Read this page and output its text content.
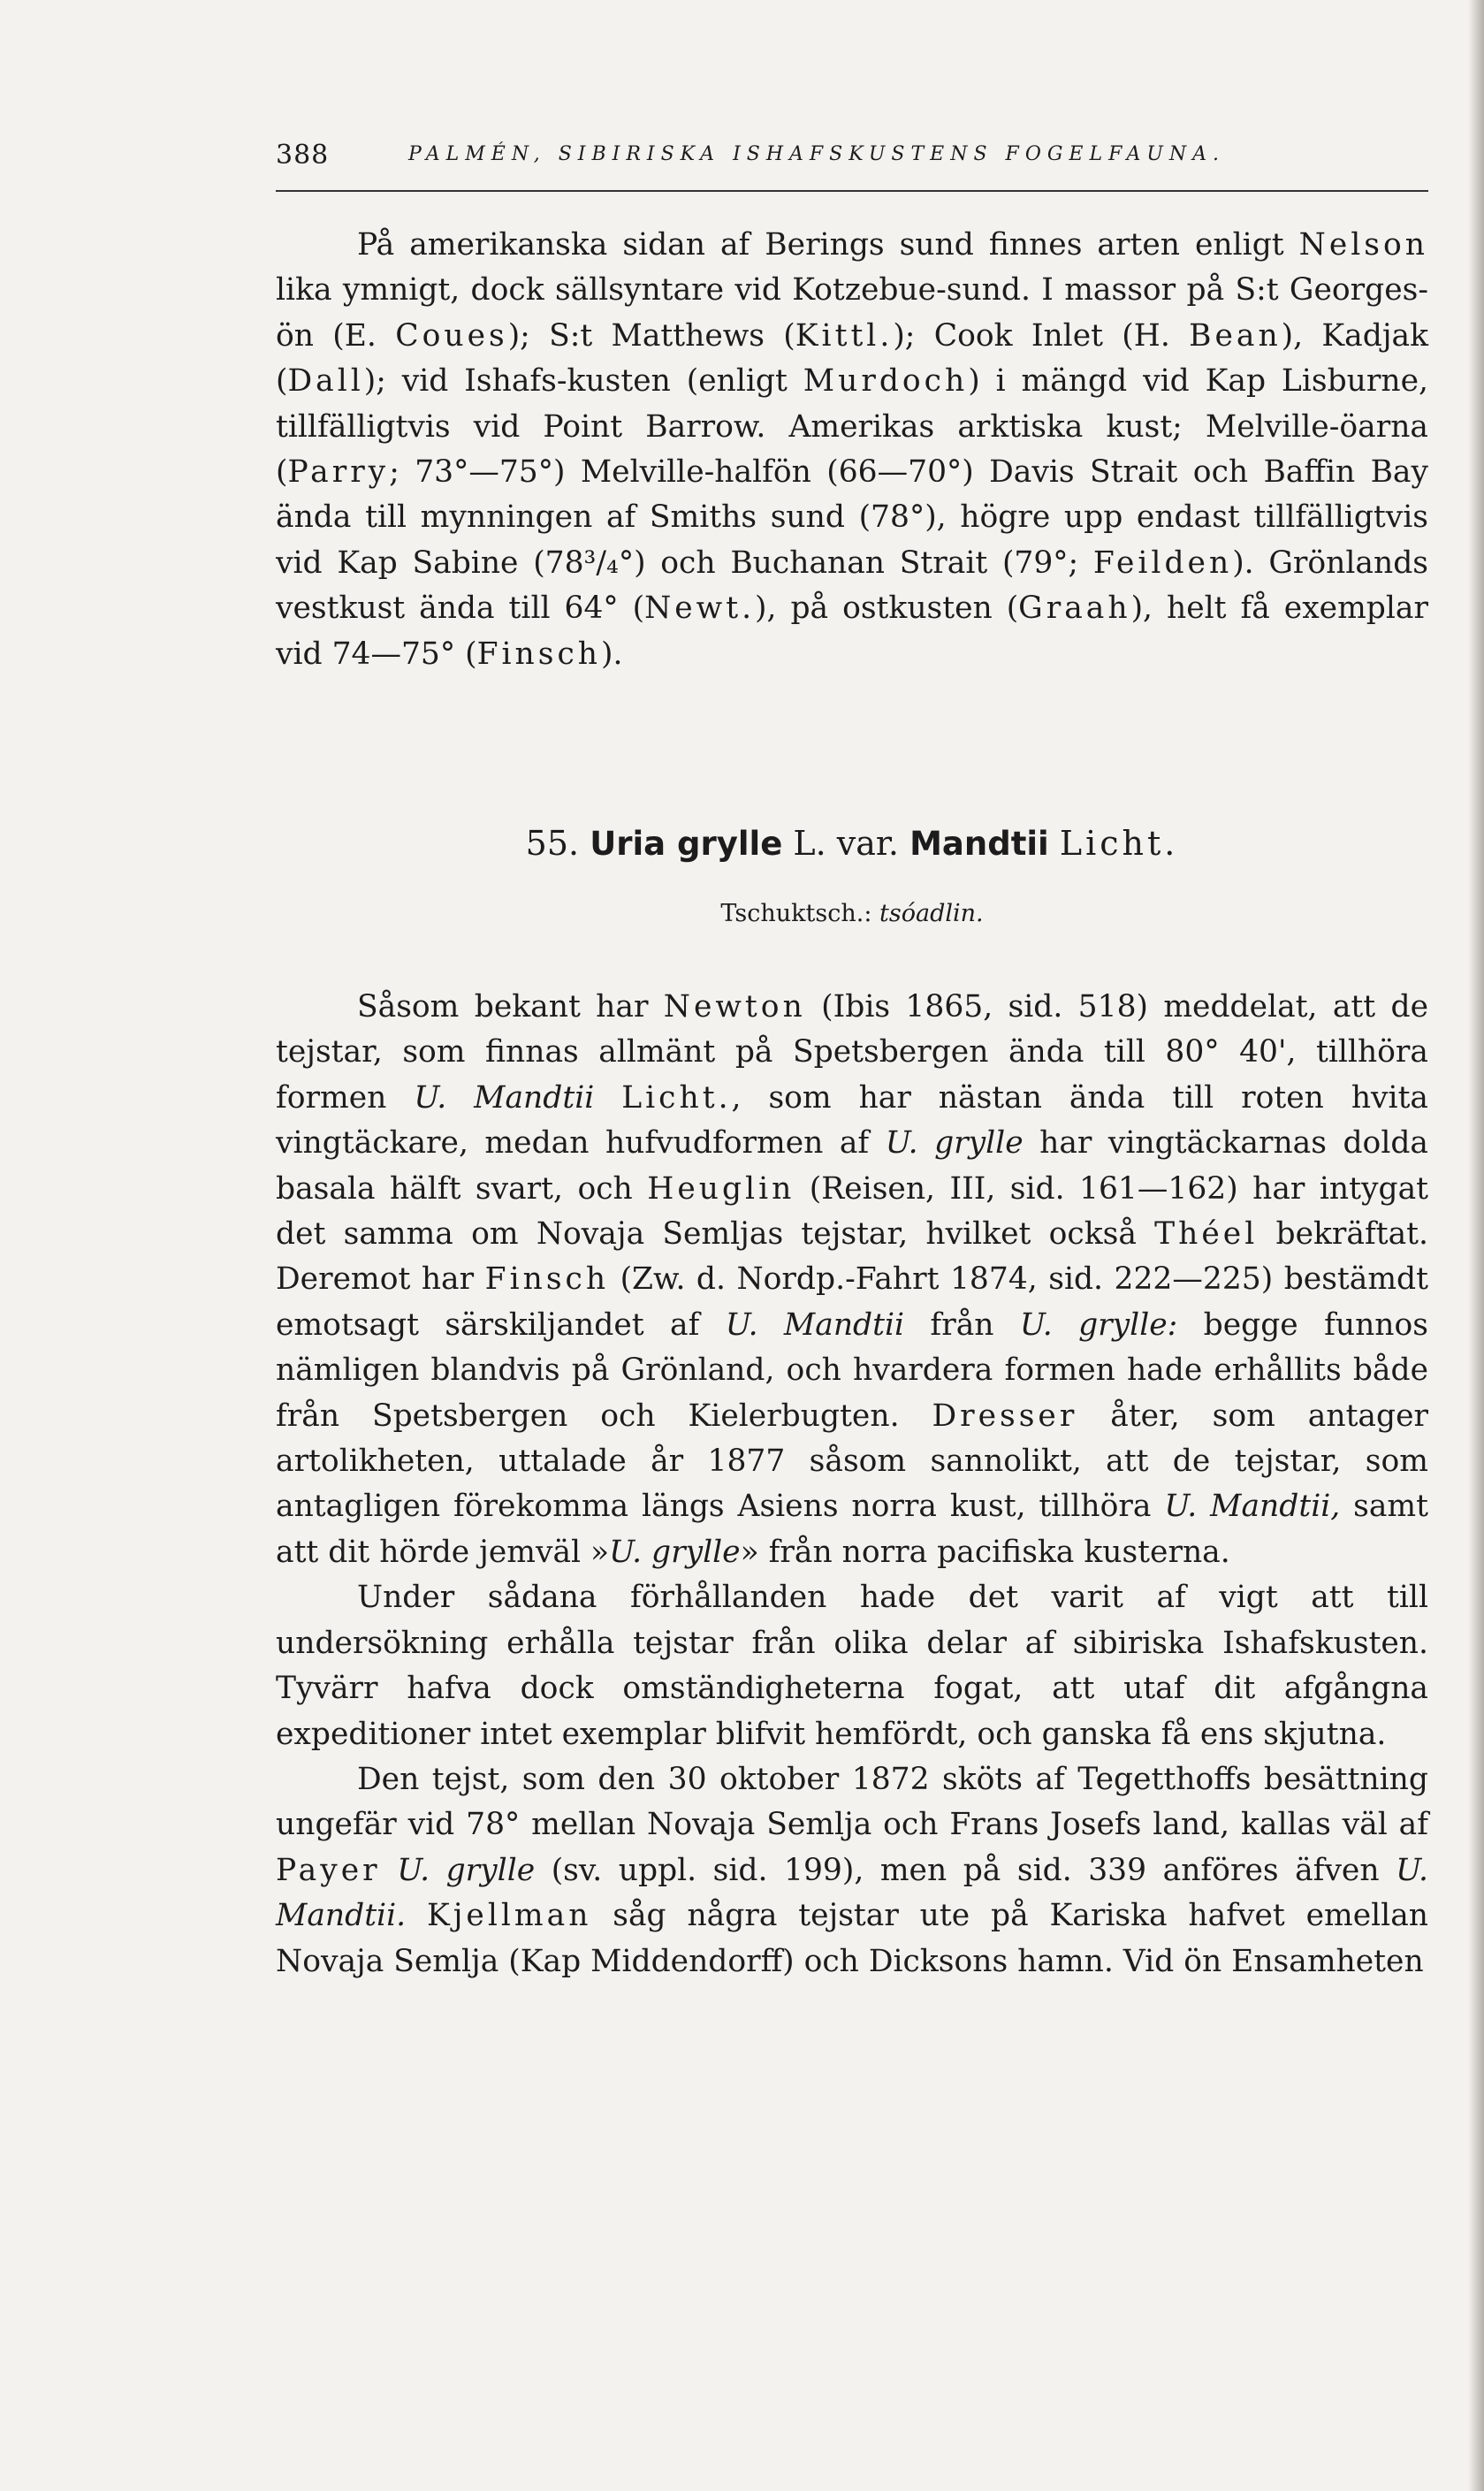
388	PALMÉN, SIBIRISKA ISHAFSKUSTENS FOGELFAUNA.

På amerikanska sidan af Berings sund finnes arten enligt Nelson lika ymnigt, dock sällsyntare vid Kotzebue-sund. I massor på S:t Georges-ön (E. Coues); S:t Matthews (Kittl.); Cook Inlet (H. Bean), Kadjak (Dall); vid Ishafs-kusten (enligt Murdoch) i mängd vid Kap Lisburne, tillfälligtvis vid Point Barrow. Amerikas arktiska kust; Melville-öarna (Parry; 73°—75°) Melville-halfön (66—70°) Davis Strait och Baffin Bay ända till mynningen af Smiths sund (78°), högre upp endast tillfälligtvis vid Kap Sabine (78³/₄°) och Buchanan Strait (79°; Feilden). Grönlands vestkust ända till 64° (Newt.), på ostkusten (Graah), helt få exemplar vid 74—75° (Finsch).

55. Uria grylle L. var. Mandtii Licht.
Tschuktsch.: tsóadlin.

Såsom bekant har Newton (Ibis 1865, sid. 518) meddelat, att de tejstar, som finnas allmänt på Spetsbergen ända till 80° 40', tillhöra formen U. Mandtii Licht., som har nästan ända till roten hvita vingtäckare, medan hufvudformen af U. grylle har vingtäckarnas dolda basala hälft svart, och Heuglin (Reisen, III, sid. 161—162) har intygat det samma om Novaja Semljas tejstar, hvilket också Théel bekräftat. Deremot har Finsch (Zw. d. Nordp.-Fahrt 1874, sid. 222—225) bestämdt emotsagt särskiljandet af U. Mandtii från U. grylle: begge funnos nämligen blandvis på Grönland, och hvardera formen hade erhållits både från Spetsbergen och Kielerbugten. Dresser åter, som antager artolikheten, uttalade år 1877 såsom sannolikt, att de tejstar, som antagligen förekomma längs Asiens norra kust, tillhöra U. Mandtii, samt att dit hörde jemväl »U. grylle» från norra pacifiska kusterna.

Under sådana förhållanden hade det varit af vigt att till undersökning erhålla tejstar från olika delar af sibiriska Ishafskusten. Tyvärr hafva dock omständigheterna fogat, att utaf dit afgångna expeditioner intet exemplar blifvit hemfördt, och ganska få ens skjutna.

Den tejst, som den 30 oktober 1872 sköts af Tegetthoffs besättning ungefär vid 78° mellan Novaja Semlja och Frans Josefs land, kallas väl af Payer U. grylle (sv. uppl. sid. 199), men på sid. 339 anföres äfven U. Mandtii. Kjellman såg några tejstar ute på Kariska hafvet emellan Novaja Semlja (Kap Middendorff) och Dicksons hamn. Vid ön Ensamheten
